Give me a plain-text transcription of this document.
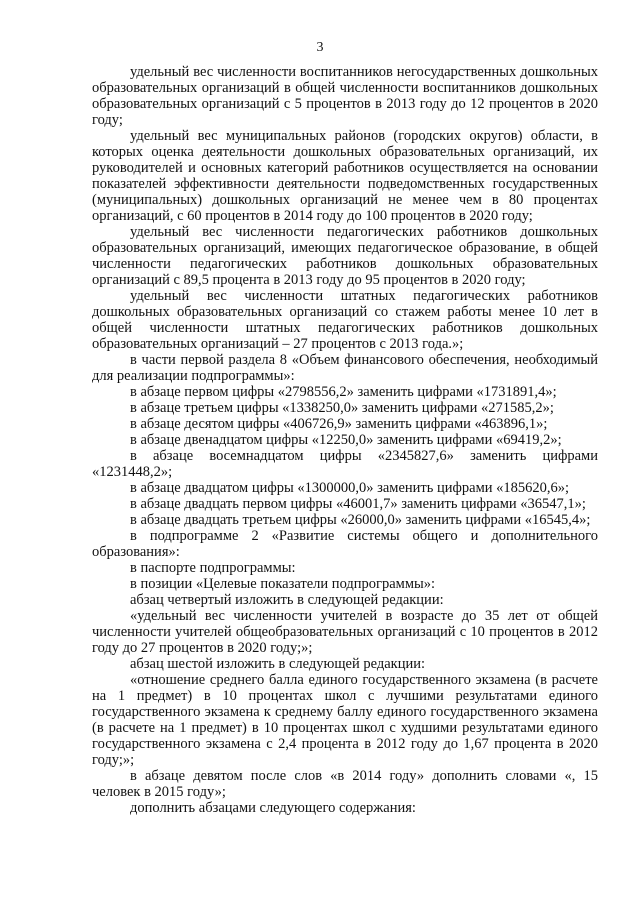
3

удельный вес численности воспитанников негосударственных дошкольных образовательных организаций в общей численности воспитанников дошкольных образовательных организаций с 5 процентов в 2013 году до 12 процентов в 2020 году;

удельный вес муниципальных районов (городских округов) области, в которых оценка деятельности дошкольных образовательных организаций, их руководителей и основных категорий работников осуществляется на основании показателей эффективности деятельности подведомственных государственных (муниципальных) дошкольных организаций не менее чем в 80 процентах организаций, с 60 процентов в 2014 году до 100 процентов в 2020 году;

удельный вес численности педагогических работников дошкольных образовательных организаций, имеющих педагогическое образование, в общей численности педагогических работников дошкольных образовательных организаций с 89,5 процента в 2013 году до 95 процентов в 2020 году;

удельный вес численности штатных педагогических работников дошкольных образовательных организаций со стажем работы менее 10 лет в общей численности штатных педагогических работников дошкольных образовательных организаций – 27 процентов с 2013 года.»;

в части первой раздела 8 «Объем финансового обеспечения, необходимый для реализации подпрограммы»:

в абзаце первом цифры «2798556,2» заменить цифрами «1731891,4»;

в абзаце третьем цифры «1338250,0» заменить цифрами «271585,2»;

в абзаце десятом цифры «406726,9» заменить цифрами «463896,1»;

в абзаце двенадцатом цифры «12250,0» заменить цифрами «69419,2»;

в абзаце восемнадцатом цифры «2345827,6» заменить цифрами «1231448,2»;

в абзаце двадцатом цифры «1300000,0» заменить цифрами «185620,6»;

в абзаце двадцать первом цифры «46001,7» заменить цифрами «36547,1»;

в абзаце двадцать третьем цифры «26000,0» заменить цифрами «16545,4»;

в подпрограмме 2 «Развитие системы общего и дополнительного образования»:

в паспорте подпрограммы:

в позиции «Целевые показатели подпрограммы»:

абзац четвертый изложить в следующей редакции:

«удельный вес численности учителей в возрасте до 35 лет от общей численности учителей общеобразовательных организаций с 10 процентов в 2012 году до 27 процентов в 2020 году;»;

абзац шестой изложить в следующей редакции:

«отношение среднего балла единого государственного экзамена (в расчете на 1 предмет) в 10 процентах школ с лучшими результатами единого государственного экзамена к среднему баллу единого государственного экзамена (в расчете на 1 предмет) в 10 процентах школ с худшими результатами единого государственного экзамена с 2,4 процента в 2012 году до 1,67 процента в 2020 году;»;

в абзаце девятом после слов «в 2014 году» дополнить словами «, 15 человек в 2015 году»;

дополнить абзацами следующего содержания:
